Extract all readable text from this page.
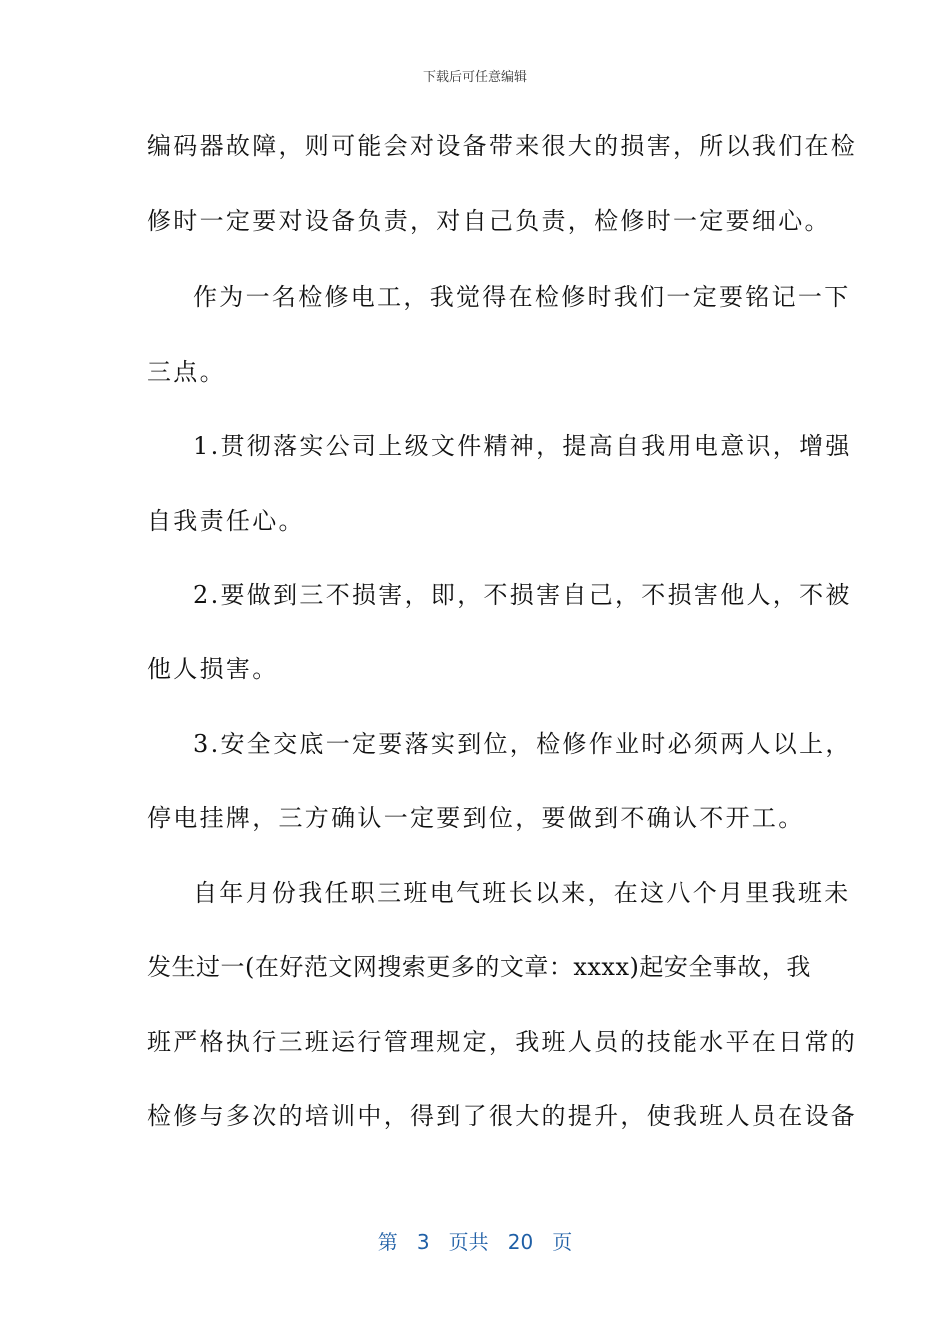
下载后可任意编辑
编码器故障，则可能会对设备带来很大的损害，所以我们在检
修时一定要对设备负责，对自己负责，检修时一定要细心。
作为一名检修电工，我觉得在检修时我们一定要铭记一下
三点。
1.贯彻落实公司上级文件精神，提高自我用电意识，增强
自我责任心。
2.要做到三不损害，即，不损害自己，不损害他人，不被
他人损害。
3.安全交底一定要落实到位，检修作业时必须两人以上，
停电挂牌，三方确认一定要到位，要做到不确认不开工。
自年月份我任职三班电气班长以来，在这八个月里我班未
发生过一(在好范文网搜索更多的文章：xxxx)起安全事故，我
班严格执行三班运行管理规定，我班人员的技能水平在日常的
检修与多次的培训中，得到了很大的提升，使我班人员在设备
第 3 页共 20 页
